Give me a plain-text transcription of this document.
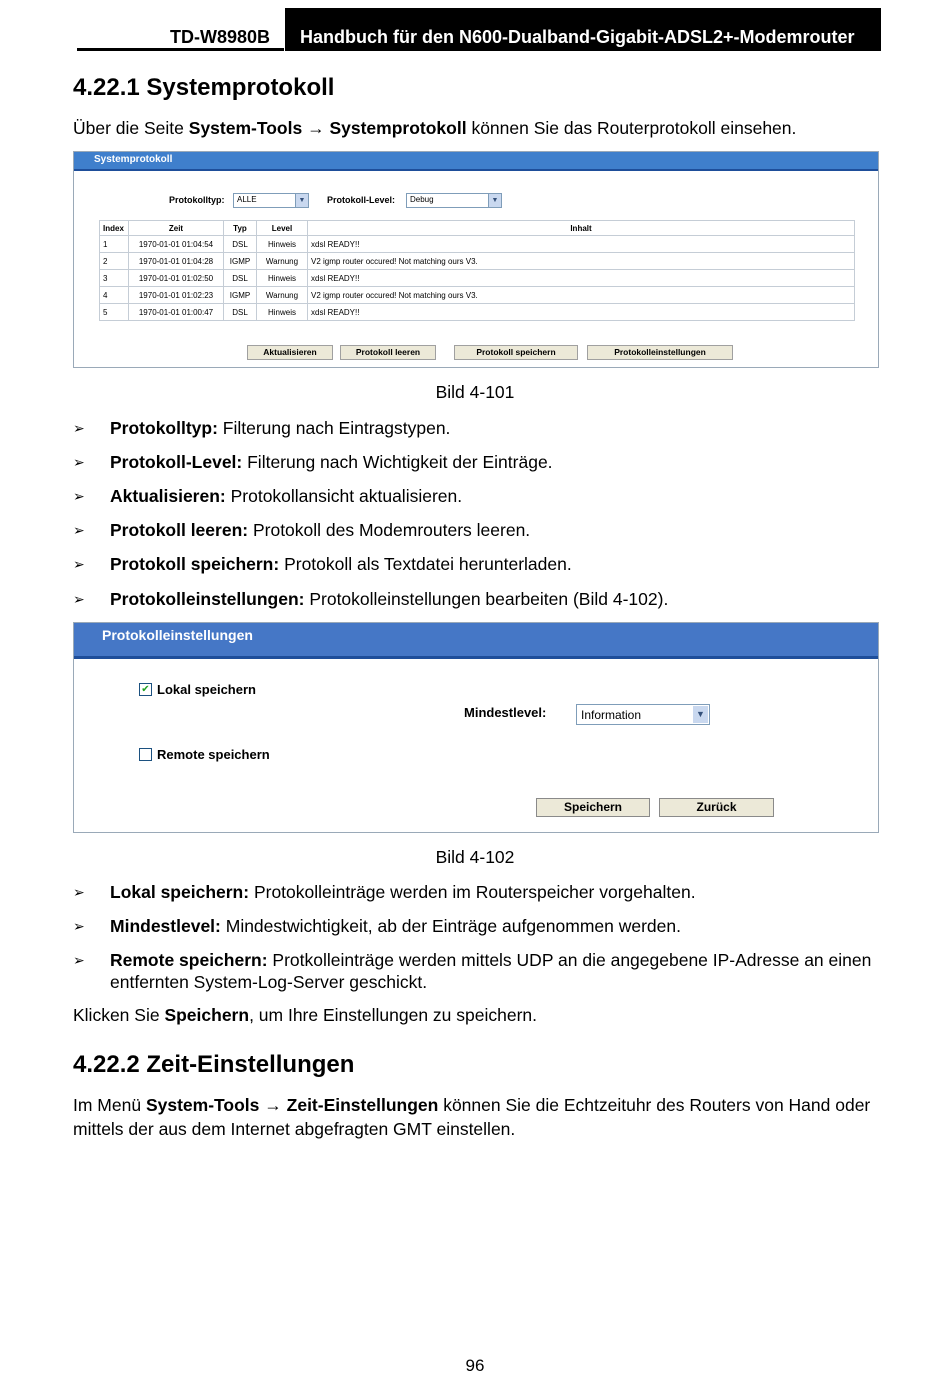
TD-W8980B Handbuch für den N600-Dualband-Gigabit-ADSL2+-Modemrouter
4.22.1 Systemprotokoll

Über die Seite System-Tools → Systemprotokoll können Sie das Routerprotokoll einsehen.

Systemprotokoll
Protokolltyp: ALLE	▼ Protokoll-Level: Debug	▼
Index	Zeit	Typ	Level	Inhalt
1	1970-01-01 01:04:54	DSL	Hinweis	xdsl READY!!
2	1970-01-01 01:04:28	IGMP	Warnung	V2 igmp router occured! Not matching ours V3.
3	1970-01-01 01:02:50	DSL	Hinweis	xdsl READY!!
4	1970-01-01 01:02:23	IGMP	Warnung	V2 igmp router occured! Not matching ours V3.
5	1970-01-01 01:00:47	DSL	Hinweis	xdsl READY!!
Aktualisieren	Protokoll leeren	Protokoll speichern	Protokolleinstellungen
Bild 4-101
➢ Protokolltyp: Filterung nach Eintragstypen.
➢ Protokoll-Level: Filterung nach Wichtigkeit der Einträge.
➢ Aktualisieren: Protokollansicht aktualisieren.
➢ Protokoll leeren: Protokoll des Modemrouters leeren.
➢ Protokoll speichern: Protokoll als Textdatei herunterladen.
➢ Protokolleinstellungen: Protokolleinstellungen bearbeiten (Bild 4-102).
Protokolleinstellungen
✔ Lokal speichern
Mindestlevel:	Information	▼
Remote speichern
Speichern	Zurück
Bild 4-102
➢ Lokal speichern: Protokolleinträge werden im Routerspeicher vorgehalten.
➢ Mindestlevel: Mindestwichtigkeit, ab der Einträge aufgenommen werden.
➢ Remote speichern: Protkolleinträge werden mittels UDP an die angegebene IP-Adresse an einen entfernten System-Log-Server geschickt.

Klicken Sie Speichern, um Ihre Einstellungen zu speichern.

4.22.2 Zeit-Einstellungen

Im Menü System-Tools → Zeit-Einstellungen können Sie die Echtzeituhr des Routers von Hand oder mittels der aus dem Internet abgefragten GMT einstellen.

96
